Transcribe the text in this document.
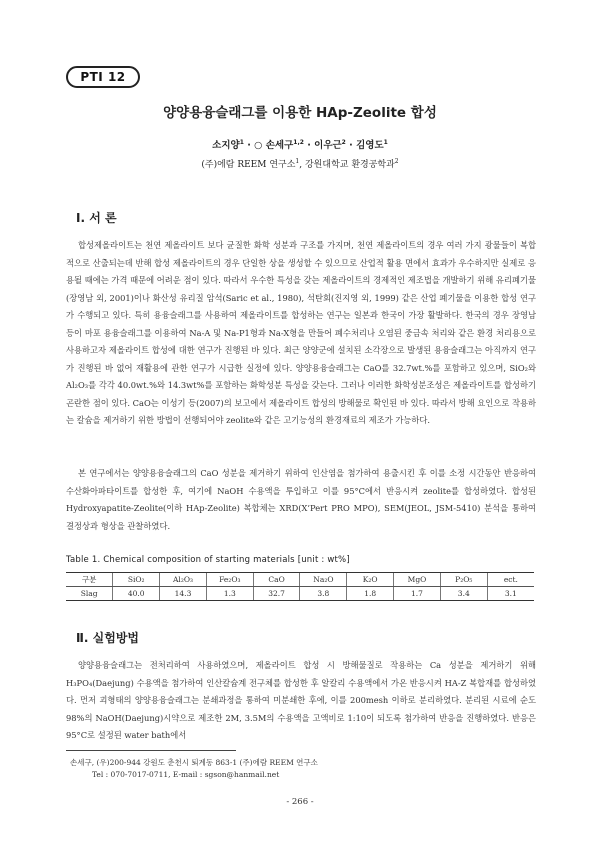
PTI 12
양양용융슬래그를 이용한 HAp-Zeolite 합성
소지양$^1$ · ○ 손세구$^{1,2}$ · 이우근$^2$ · 김영도$^1$
(주)에람 REEM 연구소$^1$, 강원대학교 환경공학과$^2$
Ⅰ. 서 론

합성제올라이트는 천연 제올라이트 보다 균질한 화학 성분과 구조를 가지며, 천연 제올라이트의 경우 여러 가지 광물들이 복합적으로 산출되는데 반해 합성 제올라이트의 경우 단일한 상을 생성할 수 있으므로 산업적 활용 면에서 효과가 우수하지만 실제로 응용될 때에는 가격 때문에 어려운 점이 있다. 따라서 우수한 특성을 갖는 제올라이트의 경제적인 제조법을 개발하기 위해 유리폐기물(장영남 외, 2001)이나 화산성 유리질 암석(Saric et al., 1980), 석탄회(진지영 외, 1999) 같은 산업 폐기물을 이용한 합성 연구가 수행되고 있다. 특히 용융슬래그를 사용하여 제올라이트를 합성하는 연구는 일본과 한국이 가장 활발하다. 한국의 경우 장영남 등이 마포 용융슬래그를 이용하여 Na-A 및 Na-P1형과 Na-X형을 만들어 폐수처리나 오염된 중금속 처리와 같은 환경 처리용으로 사용하고자 제올라이트 합성에 대한 연구가 진행된 바 있다. 최근 양양군에 설치된 소각장으로 발생된 용융슬래그는 아직까지 연구가 진행된 바 없어 재활용에 관한 연구가 시급한 실정에 있다. 양양용융슬래그는 CaO를 32.7wt.%를 포함하고 있으며, SiO₂와 Al₂O₃를 각각 40.0wt.%와 14.3wt%를 포함하는 화학성분 특성을 갖는다. 그러나 이러한 화학성분조성은 제올라이트를 합성하기 곤란한 점이 있다. CaO는 이성기 등(2007)의 보고에서 제올라이트 합성의 방해물로 확인된 바 있다. 따라서 방해 요인으로 작용하는 칼슘을 제거하기 위한 방법이 선행되어야 zeolite와 같은 고기능성의 환경재료의 제조가 가능하다.

본 연구에서는 양양용융슬래그의 CaO 성분을 제거하기 위하여 인산염을 첨가하여 용출시킨 후 이를 소정 시간동안 반응하여 수산화아파타이트를 합성한 후, 여기에 NaOH 수용액을 투입하고 이를 95°C에서 반응시켜 zeolite를 합성하였다. 합성된 Hydroxyapatite-Zeolite(이하 HAp-Zeolite) 복합체는 XRD(X’Pert PRO MPO), SEM(JEOL, JSM-5410) 분석을 통하여 결정상과 형상을 관찰하였다.

Table 1. Chemical composition of starting materials [unit : wt%]
구분	SiO₂	Al₂O₃	Fe₂O₃	CaO	Na₂O	K₂O	MgO	P₂O₅	ect.
Slag	40.0	14.3	1.3	32.7	3.8	1.8	1.7	3.4	3.1
Ⅱ. 실험방법

양양용융슬래그는 전처리하여 사용하였으며, 제올라이트 합성 시 방해물질로 작용하는 Ca 성분을 제거하기 위해 H₃PO₄(Daejung) 수용액을 첨가하여 인산칼슘계 전구체를 합성한 후 알칼리 수용액에서 가온 반응시켜 HA-Z 복합재를 합성하였다. 먼저 괴형태의 양양용융슬래그는 분쇄과정을 통하여 미분쇄한 후에, 이를 200mesh 이하로 분리하였다. 분리된 시료에 순도 98%의 NaOH(Daejung)시약으로 제조한 2M, 3.5M의 수용액을 고액비로 1:10이 되도록 첨가하여 반응을 진행하였다. 반응은 95°C로 설정된 water bath에서

손세구, (우)200-944 강원도 춘천시 퇴계동 863-1 (주)에람 REEM 연구소
Tel : 070-7017-0711, E-mail : sgson@hanmail.net
- 266 -
